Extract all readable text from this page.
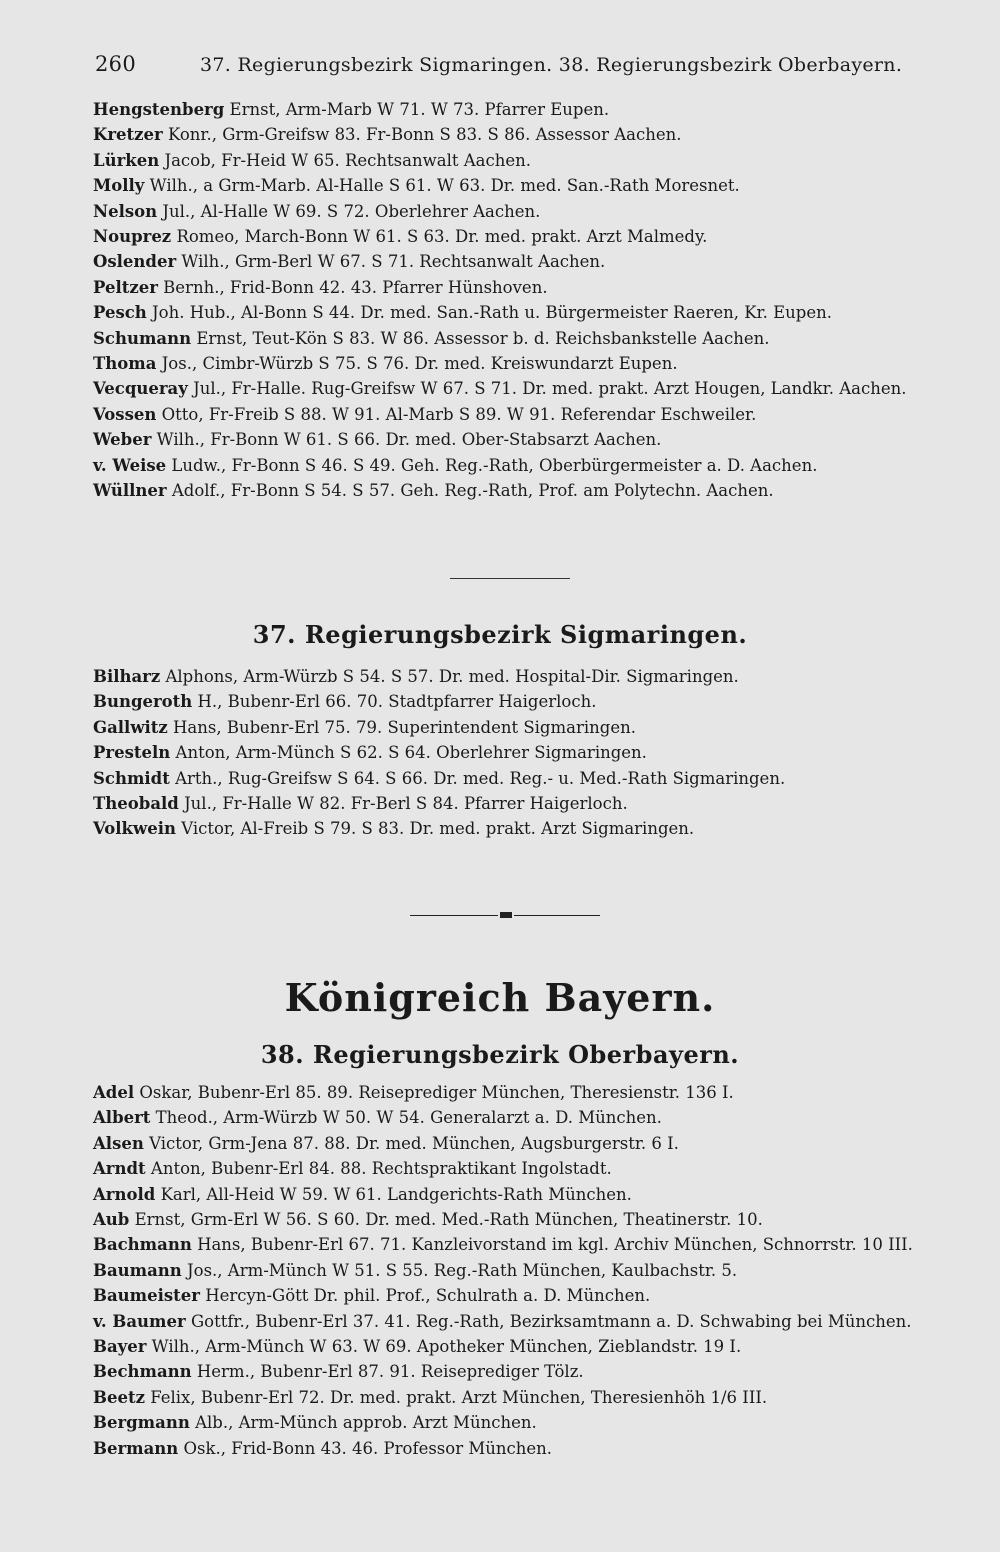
260	37. Regierungsbezirk Sigmaringen. 38. Regierungsbezirk Oberbayern.
Hengstenberg Ernst, Arm-Marb W 71. W 73. Pfarrer Eupen.
Kretzer Konr., Grm-Greifsw 83. Fr-Bonn S 83. S 86. Assessor Aachen.
Lürken Jacob, Fr-Heid W 65. Rechtsanwalt Aachen.
Molly Wilh., a Grm-Marb. Al-Halle S 61. W 63. Dr. med. San.-Rath Moresnet.
Nelson Jul., Al-Halle W 69. S 72. Oberlehrer Aachen.
Nouprez Romeo, March-Bonn W 61. S 63. Dr. med. prakt. Arzt Malmedy.
Oslender Wilh., Grm-Berl W 67. S 71. Rechtsanwalt Aachen.
Peltzer Bernh., Frid-Bonn 42. 43. Pfarrer Hünshoven.
Pesch Joh. Hub., Al-Bonn S 44. Dr. med. San.-Rath u. Bürgermeister Raeren, Kr. Eupen.
Schumann Ernst, Teut-Kön S 83. W 86. Assessor b. d. Reichsbankstelle Aachen.
Thoma Jos., Cimbr-Würzb S 75. S 76. Dr. med. Kreiswundarzt Eupen.
Vecqueray Jul., Fr-Halle. Rug-Greifsw W 67. S 71. Dr. med. prakt. Arzt Hougen, Landkr. Aachen.
Vossen Otto, Fr-Freib S 88. W 91. Al-Marb S 89. W 91. Referendar Eschweiler.
Weber Wilh., Fr-Bonn W 61. S 66. Dr. med. Ober-Stabsarzt Aachen.
v. Weise Ludw., Fr-Bonn S 46. S 49. Geh. Reg.-Rath, Oberbürgermeister a. D. Aachen.
Wüllner Adolf., Fr-Bonn S 54. S 57. Geh. Reg.-Rath, Prof. am Polytechn. Aachen.
37. Regierungsbezirk Sigmaringen.
Bilharz Alphons, Arm-Würzb S 54. S 57. Dr. med. Hospital-Dir. Sigmaringen.
Bungeroth H., Bubenr-Erl 66. 70. Stadtpfarrer Haigerloch.
Gallwitz Hans, Bubenr-Erl 75. 79. Superintendent Sigmaringen.
Presteln Anton, Arm-Münch S 62. S 64. Oberlehrer Sigmaringen.
Schmidt Arth., Rug-Greifsw S 64. S 66. Dr. med. Reg.- u. Med.-Rath Sigmaringen.
Theobald Jul., Fr-Halle W 82. Fr-Berl S 84. Pfarrer Haigerloch.
Volkwein Victor, Al-Freib S 79. S 83. Dr. med. prakt. Arzt Sigmaringen.
Königreich Bayern.
38. Regierungsbezirk Oberbayern.
Adel Oskar, Bubenr-Erl 85. 89. Reiseprediger München, Theresienstr. 136 I.
Albert Theod., Arm-Würzb W 50. W 54. Generalarzt a. D. München.
Alsen Victor, Grm-Jena 87. 88. Dr. med. München, Augsburgerstr. 6 I.
Arndt Anton, Bubenr-Erl 84. 88. Rechtspraktikant Ingolstadt.
Arnold Karl, All-Heid W 59. W 61. Landgerichts-Rath München.
Aub Ernst, Grm-Erl W 56. S 60. Dr. med. Med.-Rath München, Theatinerstr. 10.
Bachmann Hans, Bubenr-Erl 67. 71. Kanzleivorstand im kgl. Archiv München, Schnorrstr. 10 III.
Baumann Jos., Arm-Münch W 51. S 55. Reg.-Rath München, Kaulbachstr. 5.
Baumeister Hercyn-Gött Dr. phil. Prof., Schulrath a. D. München.
v. Baumer Gottfr., Bubenr-Erl 37. 41. Reg.-Rath, Bezirksamtmann a. D. Schwabing bei München.
Bayer Wilh., Arm-Münch W 63. W 69. Apotheker München, Zieblandstr. 19 I.
Bechmann Herm., Bubenr-Erl 87. 91. Reiseprediger Tölz.
Beetz Felix, Bubenr-Erl 72. Dr. med. prakt. Arzt München, Theresienhöh 1/6 III.
Bergmann Alb., Arm-Münch approb. Arzt München.
Bermann Osk., Frid-Bonn 43. 46. Professor München.
